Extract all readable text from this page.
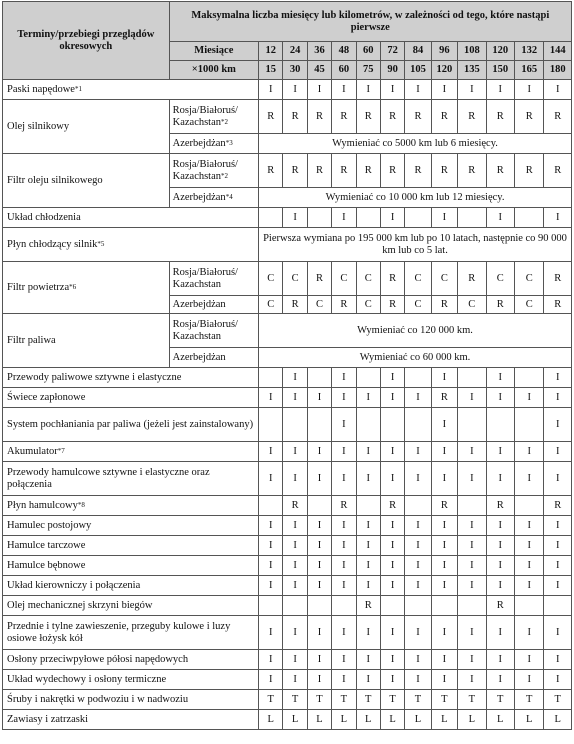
Terminy/przebiegi przeglądów okresowych	Maksymalna liczba miesięcy lub kilometrów, w zależności od tego, które nastąpi pierwsze												
	Miesiące	12	24	36	48	60	72	84	96	108	120	132	144
	×1000 km	15	30	45	60	75	90	105	120	135	150	165	180
Paski napędowe$^{*1}$		I	I	I	I	I	I	I	I	I	I	I	I
Olej silnikowy	Rosja/Białoruś/ Kazachstan$^{*2}$	R	R	R	R	R	R	R	R	R	R	R	R
	Azerbejdżan$^{*3}$	Wymieniać co 5000 km lub 6 miesięcy.											
Filtr oleju silnikowego	Rosja/Białoruś/ Kazachstan$^{*2}$	R	R	R	R	R	R	R	R	R	R	R	R
	Azerbejdżan$^{*4}$	Wymieniać co 10 000 km lub 12 miesięcy.											
Układ chłodzenia			I		I		I		I		I		I
Płyn chłodzący silnik$^{*5}$		Pierwsza wymiana po 195 000 km lub po 10 latach, następnie co 90 000 km lub co 5 lat.											
Filtr powietrza$^{*6}$	Rosja/Białoruś/ Kazachstan	C	C	R	C	C	R	C	C	R	C	C	R
	Azerbejdżan	C	R	C	R	C	R	C	R	C	R	C	R
Filtr paliwa	Rosja/Białoruś/ Kazachstan	Wymieniać co 120 000 km.											
	Azerbejdżan	Wymieniać co 60 000 km.											
Przewody paliwowe sztywne i elastyczne			I		I		I		I		I		I
Świece zapłonowe		I	I	I	I	I	I	I	R	I	I	I	I
System pochłaniania par paliwa (jeżeli jest zainstalowany)					I				I				I
Akumulator$^{*7}$		I	I	I	I	I	I	I	I	I	I	I	I
Przewody hamulcowe sztywne i elastyczne oraz połączenia		I	I	I	I	I	I	I	I	I	I	I	I
Płyn hamulcowy$^{*8}$			R		R		R		R		R		R
Hamulec postojowy		I	I	I	I	I	I	I	I	I	I	I	I
Hamulce tarczowe		I	I	I	I	I	I	I	I	I	I	I	I
Hamulce bębnowe		I	I	I	I	I	I	I	I	I	I	I	I
Układ kierowniczy i połączenia		I	I	I	I	I	I	I	I	I	I	I	I
Olej mechanicznej skrzyni biegów						R					R		
Przednie i tylne zawieszenie, przeguby kulowe i luzy osiowe łożysk kół		I	I	I	I	I	I	I	I	I	I	I	I
Osłony przeciwpyłowe półosi napędowych		I	I	I	I	I	I	I	I	I	I	I	I
Układ wydechowy i osłony termiczne		I	I	I	I	I	I	I	I	I	I	I	I
Śruby i nakrętki w podwoziu i w nadwoziu		T	T	T	T	T	T	T	T	T	T	T	T
Zawiasy i zatrzaski		L	L	L	L	L	L	L	L	L	L	L	L
